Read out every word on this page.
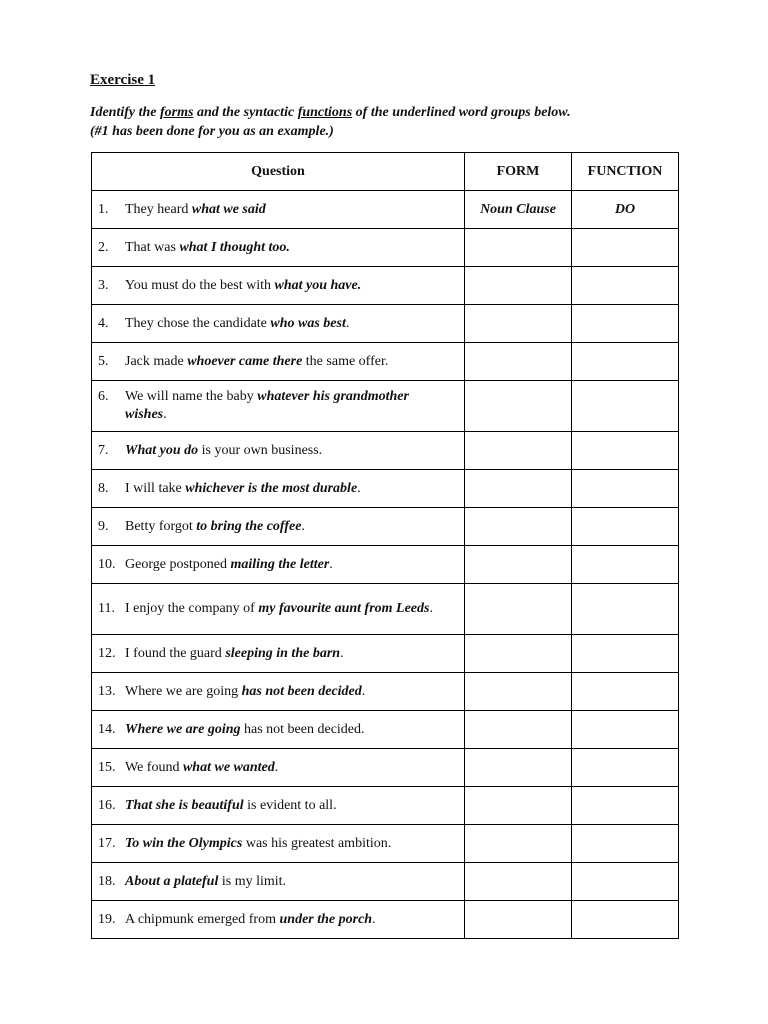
Exercise 1
Identify the forms and the syntactic functions of the underlined word groups below.
(#1 has been done for you as an example.)
Question	FORM	FUNCTION

1. They heard what we said	Noun Clause	DO

2. That was what I thought too.		

3. You must do the best with what you have.		

4. They chose the candidate who was best.		

5. Jack made whoever came there the same offer.		

6. We will name the baby whatever his grandmother wishes.		

7. What you do is your own business.		

8. I will take whichever is the most durable.		

9. Betty forgot to bring the coffee.		

10. George postponed mailing the letter.		

11. I enjoy the company of my favourite aunt from Leeds.		

12. I found the guard sleeping in the barn.		

13. Where we are going has not been decided.		

14. Where we are going has not been decided.		

15. We found what we wanted.		

16. That she is beautiful is evident to all.		

17. To win the Olympics was his greatest ambition.		

18. About a plateful is my limit.		

19. A chipmunk emerged from under the porch.		
